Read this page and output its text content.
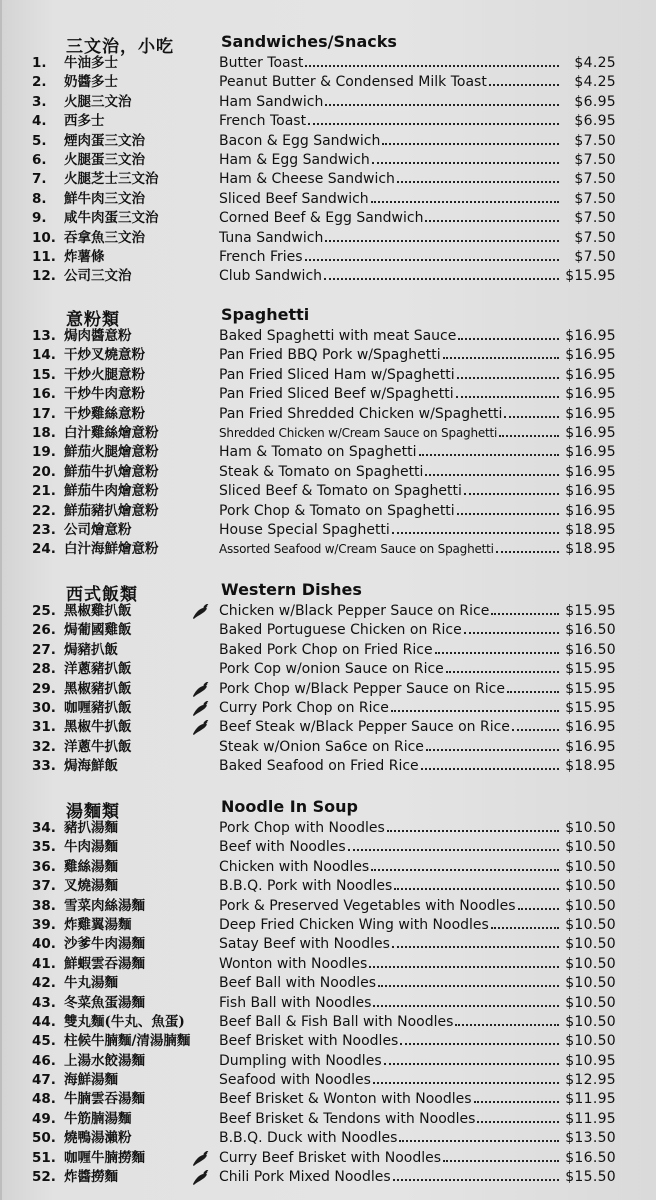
三文治，小吃	Sandwiches/Snacks
1.	牛油多士	Butter Toast	$4.25
2.	奶醬多士	Peanut Butter & Condensed Milk Toast	$4.25
3.	火腿三文治	Ham Sandwich	$6.95
4.	西多士	French Toast	$6.95
5.	煙肉蛋三文治	Bacon & Egg Sandwich	$7.50
6.	火腿蛋三文治	Ham & Egg Sandwich	$7.50
7.	火腿芝士三文治	Ham & Cheese Sandwich	$7.50
8.	鮮牛肉三文治	Sliced Beef Sandwich	$7.50
9.	咸牛肉蛋三文治	Corned Beef & Egg Sandwich	$7.50
10. 吞拿魚三文治	Tuna Sandwich	$7.50
11. 炸薯條	French Fries	$7.50
12. 公司三文治	Club Sandwich	$15.95
意粉類	Spaghetti
13. 焗肉醬意粉	Baked Spaghetti with meat Sauce	$16.95
14. 干炒叉燒意粉	Pan Fried BBQ Pork w/Spaghetti	$16.95
15. 干炒火腿意粉	Pan Fried Sliced Ham w/Spaghetti	$16.95
16. 干炒牛肉意粉	Pan Fried Sliced Beef w/Spaghetti	$16.95
17. 干炒雞絲意粉	Pan Fried Shredded Chicken w/Spaghetti	$16.95
18. 白汁雞絲燴意粉	Shredded Chicken w/Cream Sauce on Spaghetti	$16.95
19. 鮮茄火腿燴意粉	Ham & Tomato on Spaghetti	$16.95
20. 鮮茄牛扒燴意粉	Steak & Tomato on Spaghetti	$16.95
21. 鮮茄牛肉燴意粉	Sliced Beef & Tomato on Spaghetti	$16.95
22. 鮮茄豬扒燴意粉	Pork Chop & Tomato on Spaghetti	$16.95
23. 公司燴意粉	House Special Spaghetti	$18.95
24. 白汁海鮮燴意粉	Assorted Seafood w/Cream Sauce on Spaghetti	$18.95
西式飯類	Western Dishes
25. 黑椒雞扒飯	Chicken w/Black Pepper Sauce on Rice	$15.95
26. 焗葡國雞飯	Baked Portuguese Chicken on Rice	$16.50
27. 焗豬扒飯	Baked Pork Chop on Fried Rice	$16.50
28. 洋蔥豬扒飯	Pork Cop w/onion Sauce on Rice	$15.95
29. 黑椒豬扒飯	Pork Chop w/Black Pepper Sauce on Rice	$15.95
30. 咖喱豬扒飯	Curry Pork Chop on Rice	$15.95
31. 黑椒牛扒飯	Beef Steak w/Black Pepper Sauce on Rice	$16.95
32. 洋蔥牛扒飯	Steak w/Onion Sa6ce on Rice	$16.95
33. 焗海鮮飯	Baked Seafood on Fried Rice	$18.95
湯麵類	Noodle In Soup
34. 豬扒湯麵	Pork Chop with Noodles	$10.50
35. 牛肉湯麵	Beef with Noodles	$10.50
36. 雞絲湯麵	Chicken with Noodles	$10.50
37. 叉燒湯麵	B.B.Q. Pork with Noodles	$10.50
38. 雪菜肉絲湯麵	Pork & Preserved Vegetables with Noodles	$10.50
39. 炸雞翼湯麵	Deep Fried Chicken Wing with Noodles	$10.50
40. 沙爹牛肉湯麵	Satay Beef with Noodles	$10.50
41. 鮮蝦雲吞湯麵	Wonton with Noodles	$10.50
42. 牛丸湯麵	Beef Ball with Noodles	$10.50
43. 冬菜魚蛋湯麵	Fish Ball with Noodles	$10.50
44. 雙丸麵(牛丸、魚蛋)	Beef Ball & Fish Ball with Noodles	$10.50
45. 柱候牛腩麵/清湯腩麵 Beef Brisket with Noodles	$10.50
46. 上湯水餃湯麵	Dumpling with Noodles	$10.95
47. 海鮮湯麵	Seafood with Noodles	$12.95
48. 牛腩雲吞湯麵	Beef Brisket & Wonton with Noodles	$11.95
49. 牛筋腩湯麵	Beef Brisket & Tendons with Noodles	$11.95
50. 燒鴨湯瀨粉	B.B.Q. Duck with Noodles	$13.50
51. 咖喱牛腩撈麵	Curry Beef Brisket with Noodles	$16.50
52. 炸醬撈麵	Chili Pork Mixed Noodles	$15.50
